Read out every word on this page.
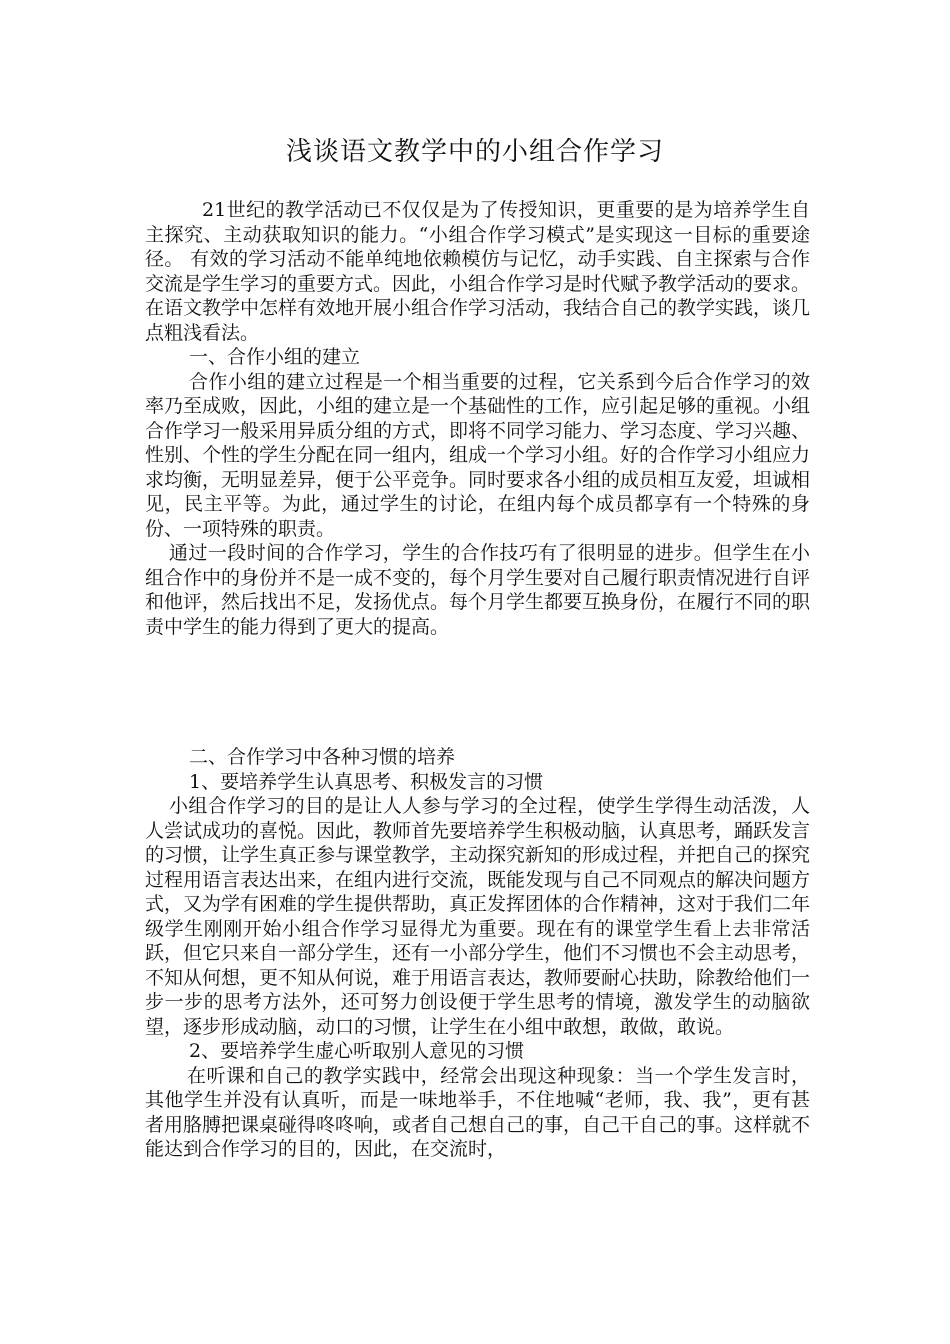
浅谈语文教学中的小组合作学习

21世纪的教学活动已不仅仅是为了传授知识，更重要的是为培养学生自主探究、主动获取知识的能力。“小组合作学习模式”是实现这一目标的重要途径。 有效的学习活动不能单纯地依赖模仿与记忆，动手实践、自主探索与合作交流是学生学习的重要方式。因此，小组合作学习是时代赋予教学活动的要求。在语文教学中怎样有效地开展小组合作学习活动，我结合自己的教学实践，谈几点粗浅看法。

一、合作小组的建立

合作小组的建立过程是一个相当重要的过程，它关系到今后合作学习的效率乃至成败，因此，小组的建立是一个基础性的工作，应引起足够的重视。小组合作学习一般采用异质分组的方式，即将不同学习能力、学习态度、学习兴趣、性别、个性的学生分配在同一组内，组成一个学习小组。好的合作学习小组应力求均衡，无明显差异，便于公平竞争。同时要求各小组的成员相互友爱，坦诚相见，民主平等。为此，通过学生的讨论，在组内每个成员都享有一个特殊的身份、一项特殊的职责。

通过一段时间的合作学习，学生的合作技巧有了很明显的进步。但学生在小组合作中的身份并不是一成不变的，每个月学生要对自己履行职责情况进行自评和他评，然后找出不足，发扬优点。每个月学生都要互换身份，在履行不同的职责中学生的能力得到了更大的提高。

二、合作学习中各种习惯的培养

1、要培养学生认真思考、积极发言的习惯

小组合作学习的目的是让人人参与学习的全过程，使学生学得生动活泼，人人尝试成功的喜悦。因此，教师首先要培养学生积极动脑，认真思考，踊跃发言的习惯，让学生真正参与课堂教学，主动探究新知的形成过程，并把自己的探究过程用语言表达出来，在组内进行交流，既能发现与自己不同观点的解决问题方式，又为学有困难的学生提供帮助，真正发挥团体的合作精神，这对于我们二年级学生刚刚开始小组合作学习显得尤为重要。现在有的课堂学生看上去非常活跃，但它只来自一部分学生，还有一小部分学生，他们不习惯也不会主动思考，不知从何想，更不知从何说，难于用语言表达，教师要耐心扶助，除教给他们一步一步的思考方法外，还可努力创设便于学生思考的情境，激发学生的动脑欲望，逐步形成动脑，动口的习惯，让学生在小组中敢想，敢做，敢说。

2、要培养学生虚心听取别人意见的习惯

在听课和自己的教学实践中，经常会出现这种现象：当一个学生发言时，其他学生并没有认真听，而是一味地举手，不住地喊“老师，我、我”，更有甚者用胳膊把课桌碰得咚咚响，或者自己想自己的事，自己干自己的事。这样就不能达到合作学习的目的，因此，在交流时，
